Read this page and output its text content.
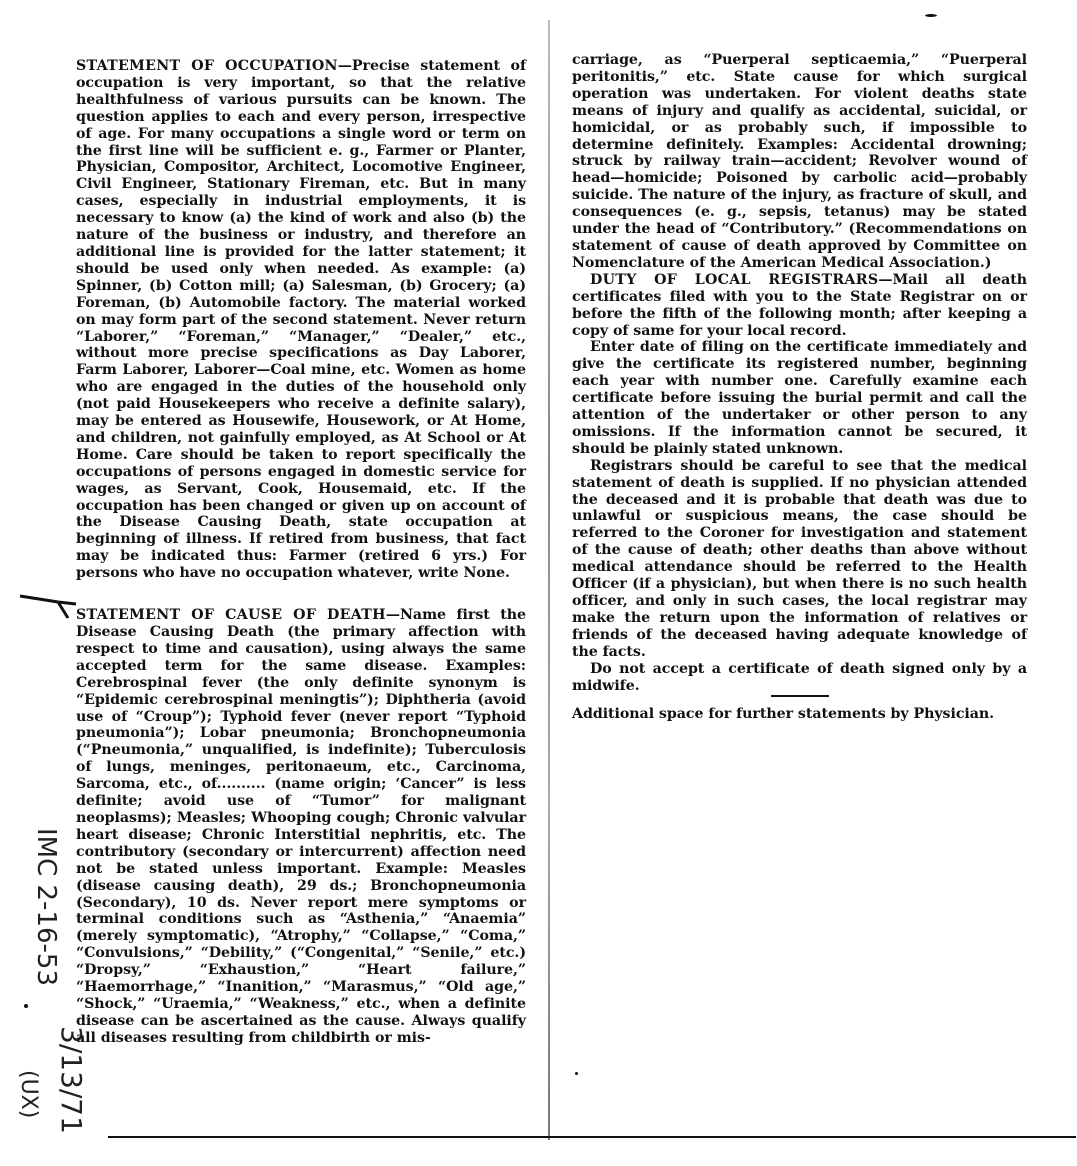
STATEMENT OF OCCUPATION—Precise statement of occupation is very important, so that the relative healthfulness of various pursuits can be known. The question applies to each and every person, irrespective of age. For many occupations a single word or term on the first line will be sufficient e. g., Farmer or Planter, Physician, Compositor, Architect, Locomotive Engineer, Civil Engineer, Stationary Fireman, etc. But in many cases, especially in industrial employments, it is necessary to know (a) the kind of work and also (b) the nature of the business or industry, and therefore an additional line is provided for the latter statement; it should be used only when needed. As example: (a) Spinner, (b) Cotton mill; (a) Salesman, (b) Grocery; (a) Foreman, (b) Automobile factory. The material worked on may form part of the second statement. Never return “Laborer,” “Foreman,” “Manager,” “Dealer,” etc., without more precise specifications as Day Laborer, Farm Laborer, Laborer—Coal mine, etc. Women as home who are engaged in the duties of the household only (not paid Housekeepers who receive a definite salary), may be entered as Housewife, Housework, or At Home, and children, not gainfully employed, as At School or At Home. Care should be taken to report specifically the occupations of persons engaged in domestic service for wages, as Servant, Cook, Housemaid, etc. If the occupation has been changed or given up on account of the Disease Causing Death, state occupation at beginning of illness. If retired from business, that fact may be indicated thus: Farmer (retired 6 yrs.) For persons who have no occupation whatever, write None.

STATEMENT OF CAUSE OF DEATH—Name first the Disease Causing Death (the primary affection with respect to time and causation), using always the same accepted term for the same disease. Examples: Cerebrospinal fever (the only definite synonym is “Epidemic cerebrospinal meningtis”); Diphtheria (avoid use of “Croup”); Typhoid fever (never report “Typhoid pneumonia”); Lobar pneumonia; Bronchopneumonia (“Pneumonia,” unqualified, is indefinite); Tuberculosis of lungs, meninges, peritonaeum, etc., Carcinoma, Sarcoma, etc., of.......... (name origin; ‘Cancer” is less definite; avoid use of “Tumor” for malignant neoplasms); Measles; Whooping cough; Chronic valvular heart disease; Chronic Interstitial nephritis, etc. The contributory (secondary or intercurrent) affection need not be stated unless important. Example: Measles (disease causing death), 29 ds.; Bronchopneumonia (Secondary), 10 ds. Never report mere symptoms or terminal conditions such as “Asthenia,” “Anaemia” (merely symptomatic), “Atrophy,” “Collapse,” “Coma,” “Convulsions,” “Debility,” (“Congenital,” “Senile,” etc.) “Dropsy,” “Exhaustion,” “Heart failure,” “Haemorrhage,” “Inanition,” “Marasmus,” “Old age,” “Shock,” “Uraemia,” “Weakness,” etc., when a definite disease can be ascertained as the cause. Always qualify all diseases resulting from childbirth or mis-

carriage, as “Puerperal septicaemia,” “Puerperal peritonitis,” etc. State cause for which surgical operation was undertaken. For violent deaths state means of injury and qualify as accidental, suicidal, or homicidal, or as probably such, if impossible to determine definitely. Examples: Accidental drowning; struck by railway train—accident; Revolver wound of head—homicide; Poisoned by carbolic acid—probably suicide. The nature of the injury, as fracture of skull, and consequences (e. g., sepsis, tetanus) may be stated under the head of “Contributory.” (Recommendations on statement of cause of death approved by Committee on Nomenclature of the American Medical Association.)

DUTY OF LOCAL REGISTRARS—Mail all death certificates filed with you to the State Registrar on or before the fifth of the following month; after keeping a copy of same for your local record.

Enter date of filing on the certificate immediately and give the certificate its registered number, beginning each year with number one. Carefully examine each certificate before issuing the burial permit and call the attention of the undertaker or other person to any omissions. If the information cannot be secured, it should be plainly stated unknown.

Registrars should be careful to see that the medical statement of death is supplied. If no physician attended the deceased and it is probable that death was due to unlawful or suspicious means, the case should be referred to the Coroner for investigation and statement of the cause of death; other deaths than above without medical attendance should be referred to the Health Officer (if a physician), but when there is no such health officer, and only in such cases, the local registrar may make the return upon the information of relatives or friends of the deceased having adequate knowledge of the facts.

Do not accept a certificate of death signed only by a midwife.

Additional space for further statements by Physician.

IMC 2-16-53
3/13/71
(UX)
